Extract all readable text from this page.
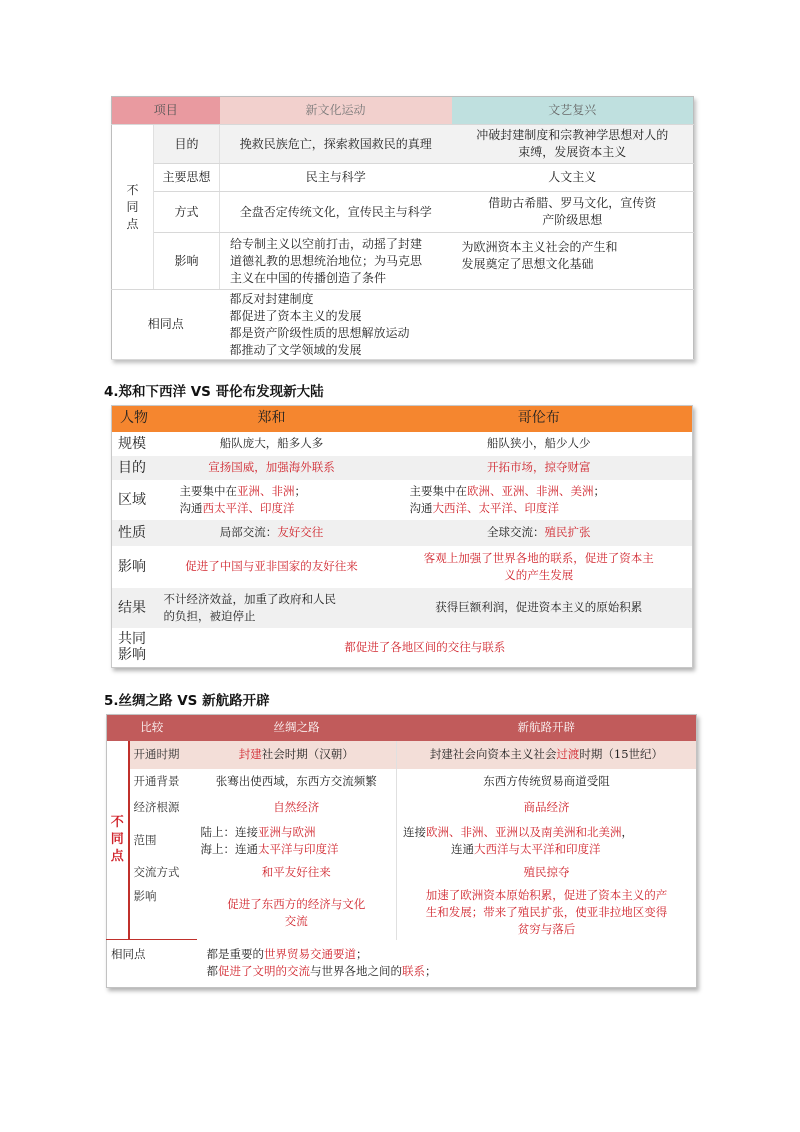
项目		新文化运动	文艺复兴
不
同
点	目的	挽救民族危亡，探索救国救民的真理	冲破封建制度和宗教神学思想对人的
束缚，发展资本主义
	主要思想	民主与科学	人文主义
	方式	全盘否定传统文化，宣传民主与科学	借助古希腊、罗马文化，宣传资
产阶级思想
	影响	给专制主义以空前打击，动摇了封建
道德礼教的思想统治地位；为马克思
主义在中国的传播创造了条件	为欧洲资本主义社会的产生和
发展奠定了思想文化基础
相同点		都反对封建制度
都促进了资本主义的发展
都是资产阶级性质的思想解放运动
都推动了文学领域的发展	
4.郑和下西洋 VS 哥伦布发现新大陆
人物	郑和	哥伦布
规模	船队庞大，船多人多	船队狭小，船少人少
目的	宣扬国威，加强海外联系	开拓市场，掠夺财富
区域	主要集中在亚洲、非洲；
沟通西太平洋、印度洋	主要集中在欧洲、亚洲、非洲、美洲；
沟通大西洋、太平洋、印度洋
性质	局部交流：友好交往	全球交流：殖民扩张
影响	促进了中国与亚非国家的友好往来	客观上加强了世界各地的联系，促进了资本主
义的产生发展
结果	不计经济效益，加重了政府和人民
的负担，被迫停止	获得巨额利润，促进资本主义的原始积累
共同
影响	都促进了各地区间的交往与联系	
5.丝绸之路 VS 新航路开辟
比较		丝绸之路	新航路开辟
不
同
点	开通时期	封建社会时期（汉朝）	封建社会向资本主义社会过渡时期（15世纪）
	开通背景	张骞出使西域，东西方交流频繁	东西方传统贸易商道受阻
	经济根源	自然经济	商品经济
	范围	陆上：连接亚洲与欧洲
海上：连通太平洋与印度洋	连接欧洲、非洲、亚洲以及南美洲和北美洲，
连通大西洋与太平洋和印度洋
	交流方式	和平友好往来	殖民掠夺
	影响	促进了东西方的经济与文化
交流	加速了欧洲资本原始积累，促进了资本主义的产
生和发展；带来了殖民扩张，使亚非拉地区变得
贫穷与落后
相同点		都是重要的世界贸易交通要道；
都促进了文明的交流与世界各地之间的联系；	
